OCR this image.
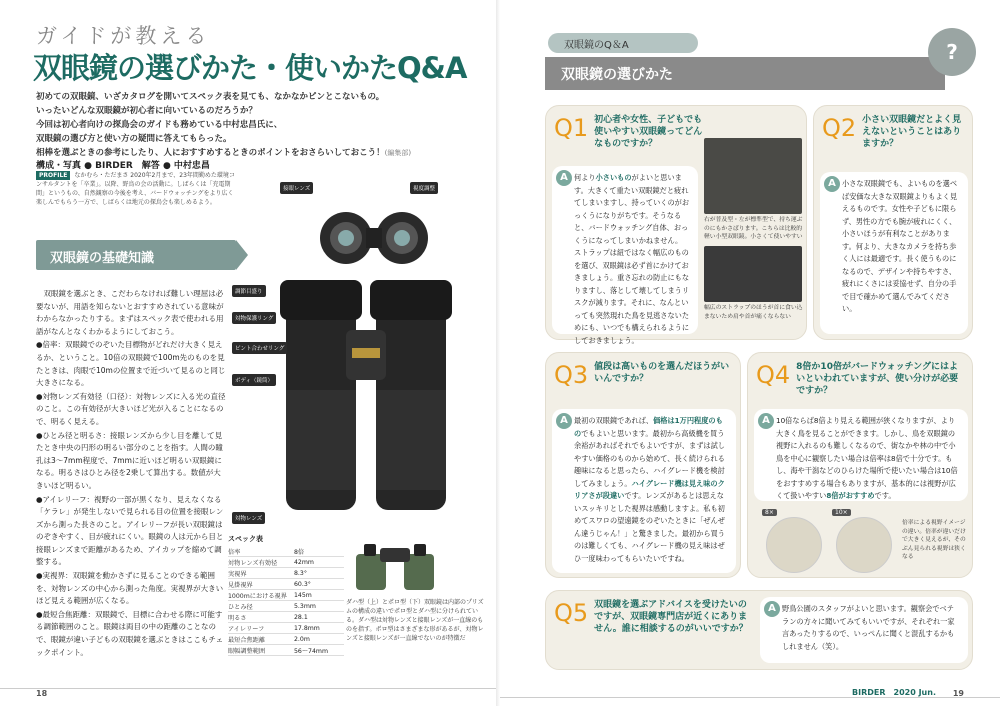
ガイドが教える
双眼鏡の選びかた・使いかたQ&A
初めての双眼鏡、いざカタログを開いてスペック表を見ても、なかなかピンとこないもの。
いったいどんな双眼鏡が初心者に向いているのだろうか？
今回は初心者向けの探鳥会のガイドも務めている中村忠昌氏に、
双眼鏡の選び方と使い方の疑問に答えてもらった。
相棒を選ぶときの参考にしたり、人におすすめするときのポイントをおさらいしておこう！(編集部)
構成・写真 ● BIRDER　解答 ● 中村忠昌
PROFILE なかむら・ただまさ 2020年2月まで、23年間勤めた環境コンサルタントを「卒業」。以降、野鳥の会の活動に。しばらくは「充電期間」というもの、自然観察の今後を考え、バードウォッチングをより広く楽しんでもらう一方で、しばらくは地元の探鳥会も楽しめるよう。
双眼鏡の基礎知識

双眼鏡を選ぶとき、こだわらなければ難しい理屈は必要ないが、用語を知らないとおすすめされている意味がわからなかったりする。まずはスペック表で使われる用語がなんとなくわかるようにしておこう。

●倍率：双眼鏡でのぞいた目標物がどれだけ大きく見えるか、ということ。10倍の双眼鏡で100m先のものを見たときは、肉眼で10mの位置まで近づいて見るのと同じ大きさになる。

●対物レンズ有効径（口径）：対物レンズに入る光の直径のこと。この有効径が大きいほど光が入ることになるので、明るく見える。

●ひとみ径と明るさ：接眼レンズから少し目を離して見たとき中央の円形の明るい部分のことを指す。人間の瞳孔は3〜7mm程度で、7mmに近いほど明るい双眼鏡になる。明るさはひとみ径を2乗して算出する。数値が大きいほど明るい。

●アイレリーフ：視野の一部が黒くなり、見えなくなる「ケラレ」が発生しないで見られる目の位置を接眼レンズから測った長さのこと。アイレリーフが長い双眼鏡はのぞきやすく、目が疲れにくい。眼鏡の人は元から目と接眼レンズまで距離があるため、アイカップを縮めて調整する。

●実視界：双眼鏡を動かさずに見ることのできる範囲を、対物レンズの中心から測った角度。実視界が大きいほど見える範囲が広くなる。

●最短合焦距離：双眼鏡で、目標に合わせる際に可能する調節範囲のこと。眼鏡は両目の中の距離のことなので、眼鏡が違い子どもの双眼鏡を選ぶときはここもチェックポイント。

接眼レンズ	視度調整
調節目盛り
対物保護リング
ピント合わせリング
ボディ（鏡筒）
対物レンズ
スペック表
倍率	8倍
対物レンズ有効径	42mm
実視界	8.3°
見掛視界	60.3°
1000mにおける視界	145m
ひとみ径	5.3mm
明るさ	28.1
アイレリーフ	17.8mm
最短合焦距離	2.0m
眼幅調整範囲	56〜74mm
ダハ型（上）とポロ型（下）双眼鏡は内部のプリズムの構成の違いでポロ型とダハ型に分けられている。ダハ型は対物レンズと接眼レンズが一直線のものを指す。ポロ型はさまざまな形があるが、対物レンズと接眼レンズが一直線でないのが特徴だ
18
双眼鏡のQ＆A
双眼鏡の選びかた
?
Q1 初心者や女性、子どもでも使いやすい双眼鏡ってどんなものですか？
何より小さいものがよいと思います。大きくて重たい双眼鏡だと疲れてしまいますし、持っていくのがおっくうになりがちです。そうなると、バードウォッチング自体、おっくうになってしまいかねません。
ストラップは紐ではなく幅広のものを選び、双眼鏡は必ず首にかけておきましょう。重さ忘れの防止にもなりますし、落として壊してしまうリスクが減ります。それに、なんといっても突然現れた鳥を見逃さないためにも、いつでも構えられるようにしておきましょう。
A
右が普及型・左が標準型で、持ち運ぶのにもかさばります。こちらは比較的軽い小型双眼鏡。小さくて使いやすい
幅広のストラップのほうが首に食い込まないため肩や首が痛くならない
Q2 小さい双眼鏡だとよく見えないということはありますか？
小さな双眼鏡でも、よいものを選べば安価な大きな双眼鏡よりもよく見えるものです。女性や子どもに限らず、男性の方でも腕が疲れにくく、小さいほうが有利なことがあります。何より、大きなカメラを持ち歩く人には最適です。長く使うものになるので、デザインや持ちやすさ、疲れにくさには妥協せず、自分の手で目で確かめて選んでみてください。
A
Q3 値段は高いものを選んだほうがいいんですか？
最初の双眼鏡であれば、価格は1万円程度のものでもよいと思います。最初から高級機を買う余裕があればそれでもよいですが、まずは試しやすい価格のものから始めて、長く続けられる趣味になると思ったら、ハイグレード機を検討してみましょう。ハイグレード機は見え味のクリアさが段違いです。レンズがあるとは思えないスッキリとした視界は感動しますよ。私も初めてスワロの望遠鏡をのぞいたときに「ぜんぜん違うじゃん！」と驚きました。最初から買うのは難しくても、ハイグレード機の見え味はぜひ一度味わってもらいたいですね。
A
Q4 8倍か10倍がバードウォッチングにはよいといわれていますが、使い分けが必要ですか？
10倍ならば8倍より見える範囲が狭くなりますが、より大きく鳥を見ることができます。しかし、鳥を双眼鏡の視野に入れるのも難しくなるので、街なかや林の中で小鳥を中心に観察したい場合は倍率は8倍で十分です。もし、海や干潟などのひらけた場所で使いたい場合は10倍をおすすめする場合もありますが、基本的には視野が広くて扱いやすい8倍がおすすめです。
A
8×	10×
倍率による視野イメージの違い。倍率が違いだけで大きく見えるが、そのぶん見られる視野は狭くなる
Q5 双眼鏡を選ぶアドバイスを受けたいのですが、双眼鏡専門店が近くにありません。誰に相談するのがいいですか？
野鳥公園のスタッフがよいと思います。観察会でベテランの方々に聞いてみてもいいですが、それぞれ一家言あったりするので、いっぺんに聞くと混乱するかもしれません（笑）。
A
BIRDER　2020 Jun. 19
